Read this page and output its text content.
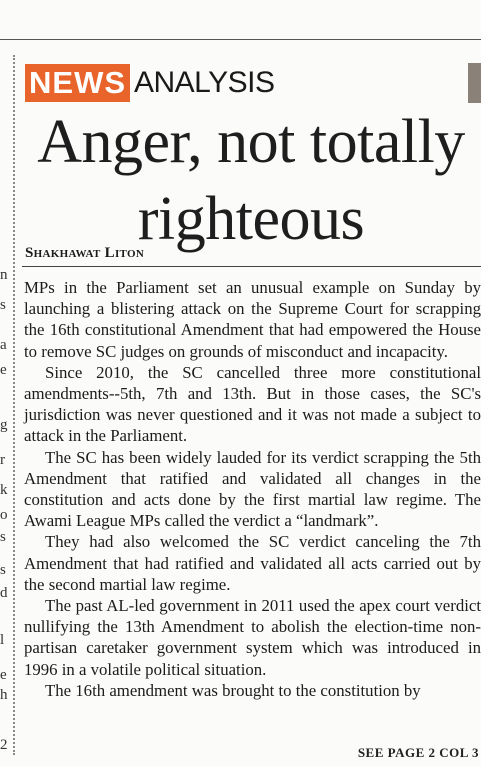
n
s
a
e
g
r
k
o
s
s
d
l
e
h
2
NEWS ANALYSIS
Anger, not totally righteous
Shakhawat Liton

MPs in the Parliament set an unusual example on Sunday by launching a blistering attack on the Supreme Court for scrapping the 16th constitutional Amendment that had empowered the House to remove SC judges on grounds of misconduct and incapacity.

Since 2010, the SC cancelled three more constitutional amendments--5th, 7th and 13th. But in those cases, the SC's jurisdiction was never questioned and it was not made a subject to attack in the Parliament.

The SC has been widely lauded for its verdict scrapping the 5th Amendment that ratified and validated all changes in the constitution and acts done by the first martial law regime. The Awami League MPs called the verdict a “landmark”.

They had also welcomed the SC verdict canceling the 7th Amendment that had ratified and validated all acts carried out by the second martial law regime.

The past AL-led government in 2011 used the apex court verdict nullifying the 13th Amendment to abolish the election-time non-partisan caretaker government system which was introduced in 1996 in a volatile political situation.

The 16th amendment was brought to the constitution by

SEE PAGE 2 COL 3
